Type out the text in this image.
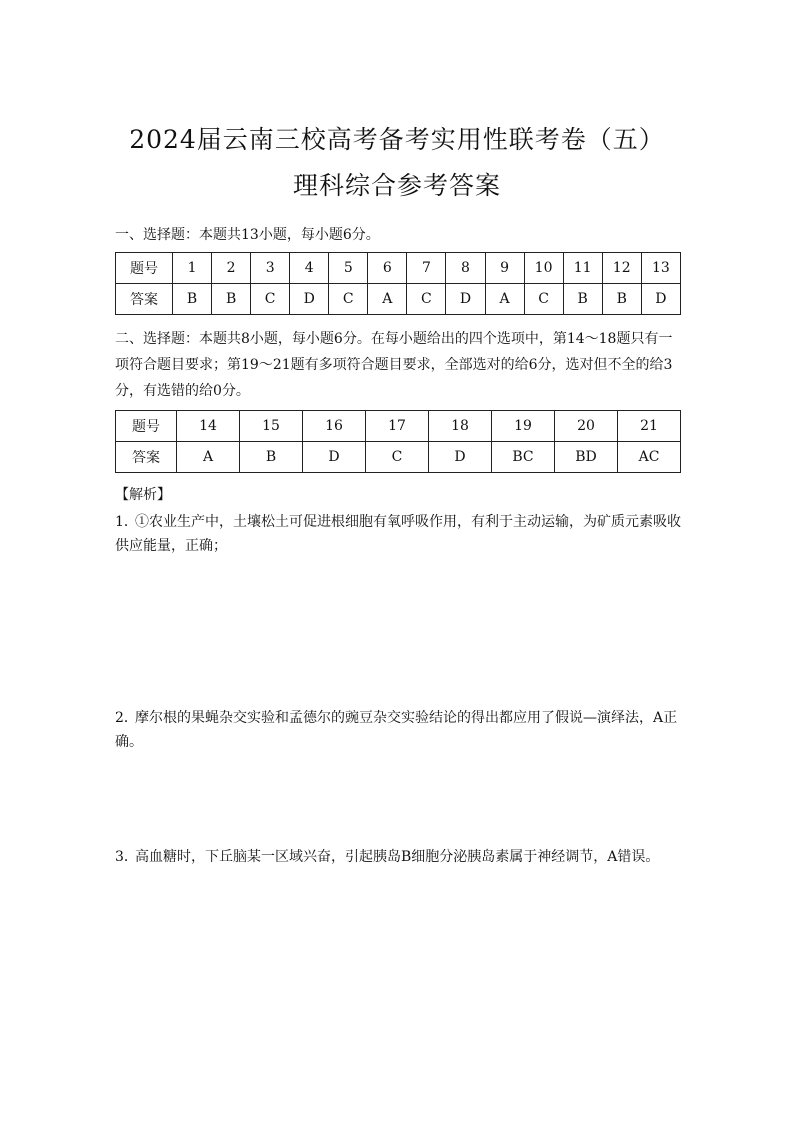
2024届云南三校高考备考实用性联考卷（五）
理科综合参考答案
一、选择题：本题共13小题，每小题6分。
题号	1	2	3	4	5	6	7	8	9	10	11	12	13
答案	B	B	C	D	C	A	C	D	A	C	B	B	D
二、选择题：本题共8小题，每小题6分。在每小题给出的四个选项中，第14～18题只有一项符合题目要求；第19～21题有多项符合题目要求，全部选对的给6分，选对但不全的给3分，有选错的给0分。
题号	14	15	16	17	18	19	20	21
答案	A	B	D	C	D	BC	BD	AC
【解析】
1．①农业生产中，土壤松土可促进根细胞有氧呼吸作用，有利于主动运输，为矿质元素吸收供应能量，正确；
2．摩尔根的果蝇杂交实验和孟德尔的豌豆杂交实验结论的得出都应用了假说—演绎法，A正确。
3．高血糖时，下丘脑某一区域兴奋，引起胰岛B细胞分泌胰岛素属于神经调节，A错误。
